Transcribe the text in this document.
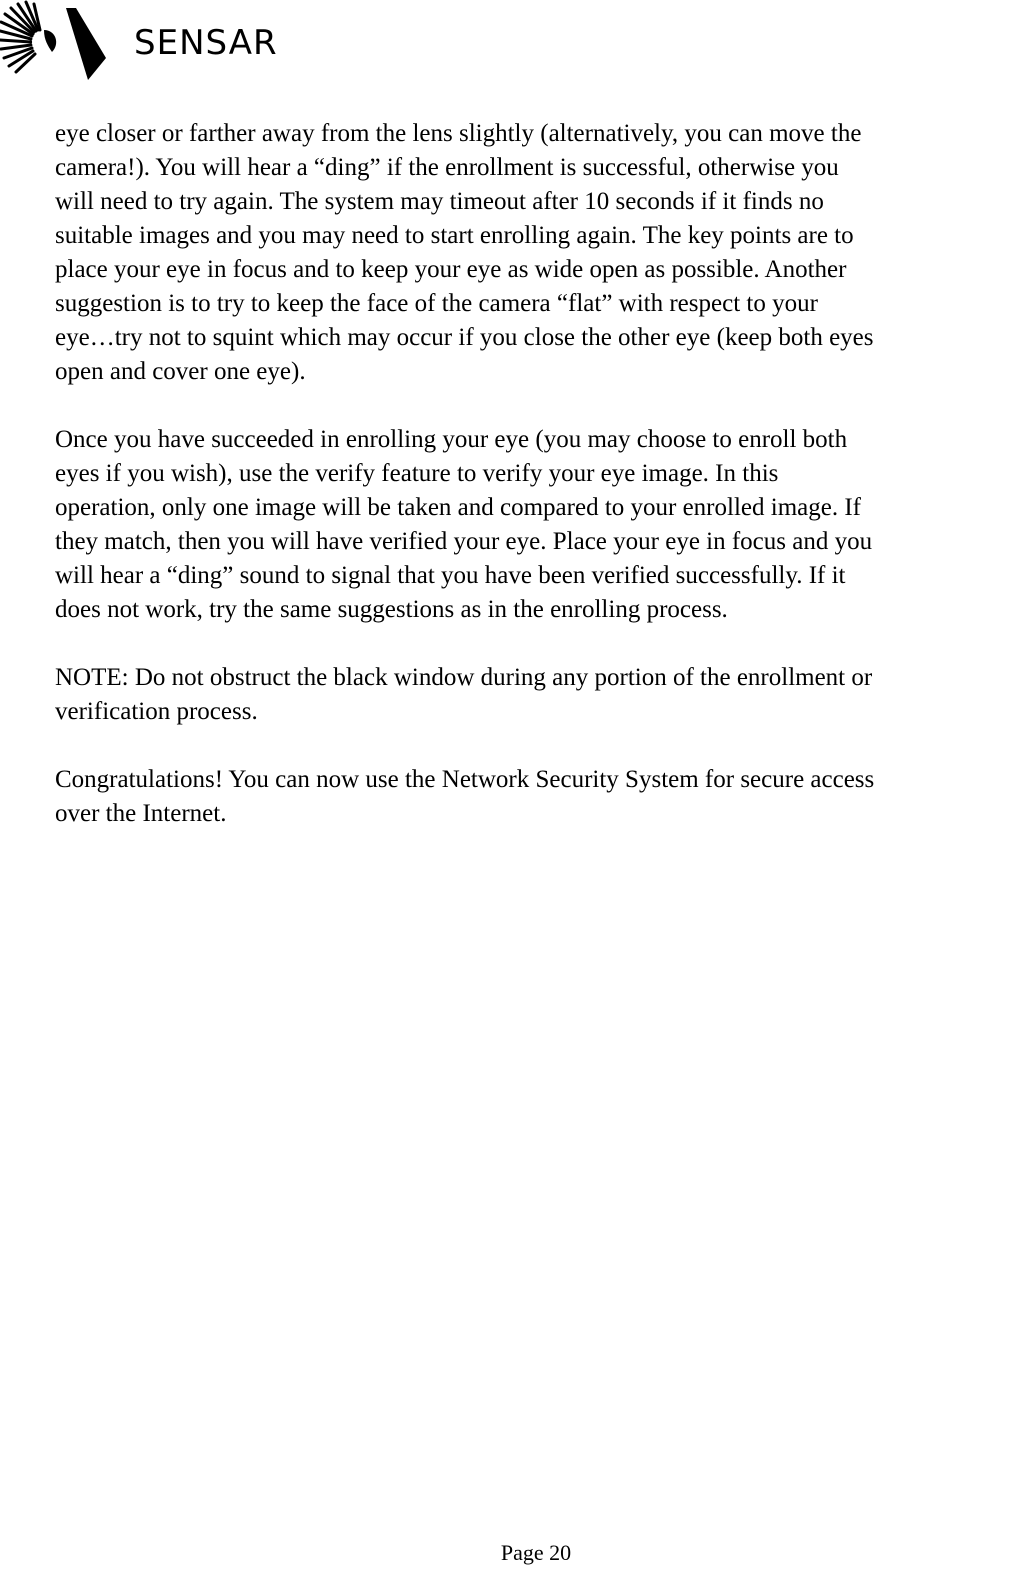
SENSAR

eye closer or farther away from the lens slightly (alternatively, you can move the
camera!). You will hear a “ding” if the enrollment is successful, otherwise you
will need to try again. The system may timeout after 10 seconds if it finds no
suitable images and you may need to start enrolling again. The key points are to
place your eye in focus and to keep your eye as wide open as possible. Another
suggestion is to try to keep the face of the camera “flat” with respect to your
eye…try not to squint which may occur if you close the other eye (keep both eyes
open and cover one eye).

Once you have succeeded in enrolling your eye (you may choose to enroll both
eyes if you wish), use the verify feature to verify your eye image. In this
operation, only one image will be taken and compared to your enrolled image. If
they match, then you will have verified your eye. Place your eye in focus and you
will hear a “ding” sound to signal that you have been verified successfully. If it
does not work, try the same suggestions as in the enrolling process.

NOTE: Do not obstruct the black window during any portion of the enrollment or
verification process.

Congratulations! You can now use the Network Security System for secure access
over the Internet.

Page 20
